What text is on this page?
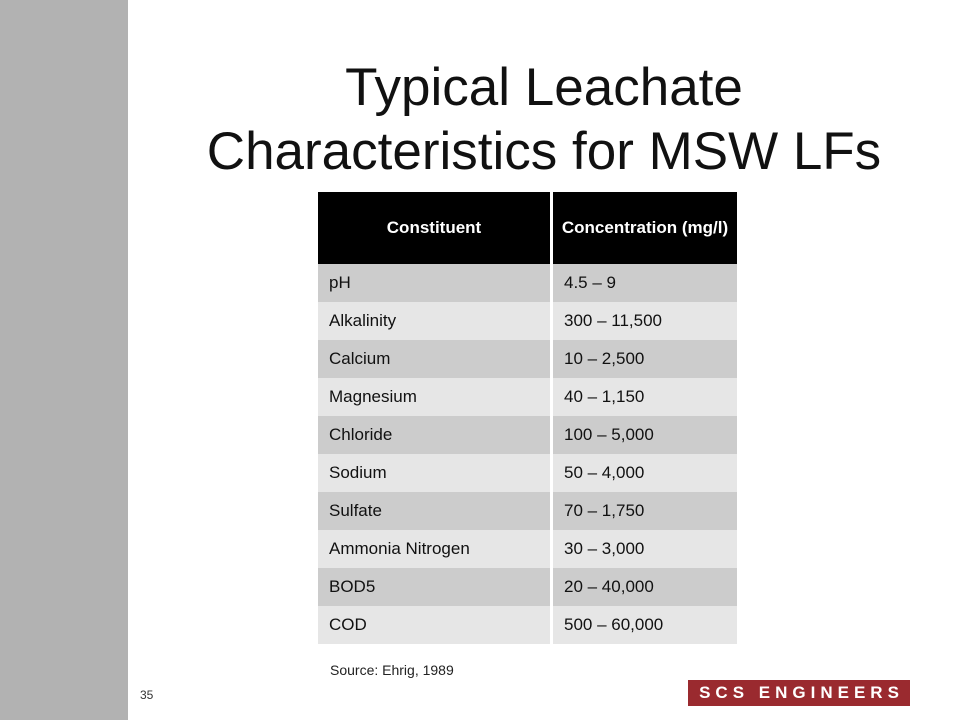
Typical Leachate
Characteristics for MSW LFs
Constituent	Concentration (mg/l)
pH	4.5 – 9
Alkalinity	300 – 11,500
Calcium	10 – 2,500
Magnesium	40 – 1,150
Chloride	100 – 5,000
Sodium	50 – 4,000
Sulfate	70 – 1,750
Ammonia Nitrogen	30 – 3,000
BOD5	20 – 40,000
COD	500 – 60,000
Source: Ehrig, 1989
35	SCS ENGINEERS
